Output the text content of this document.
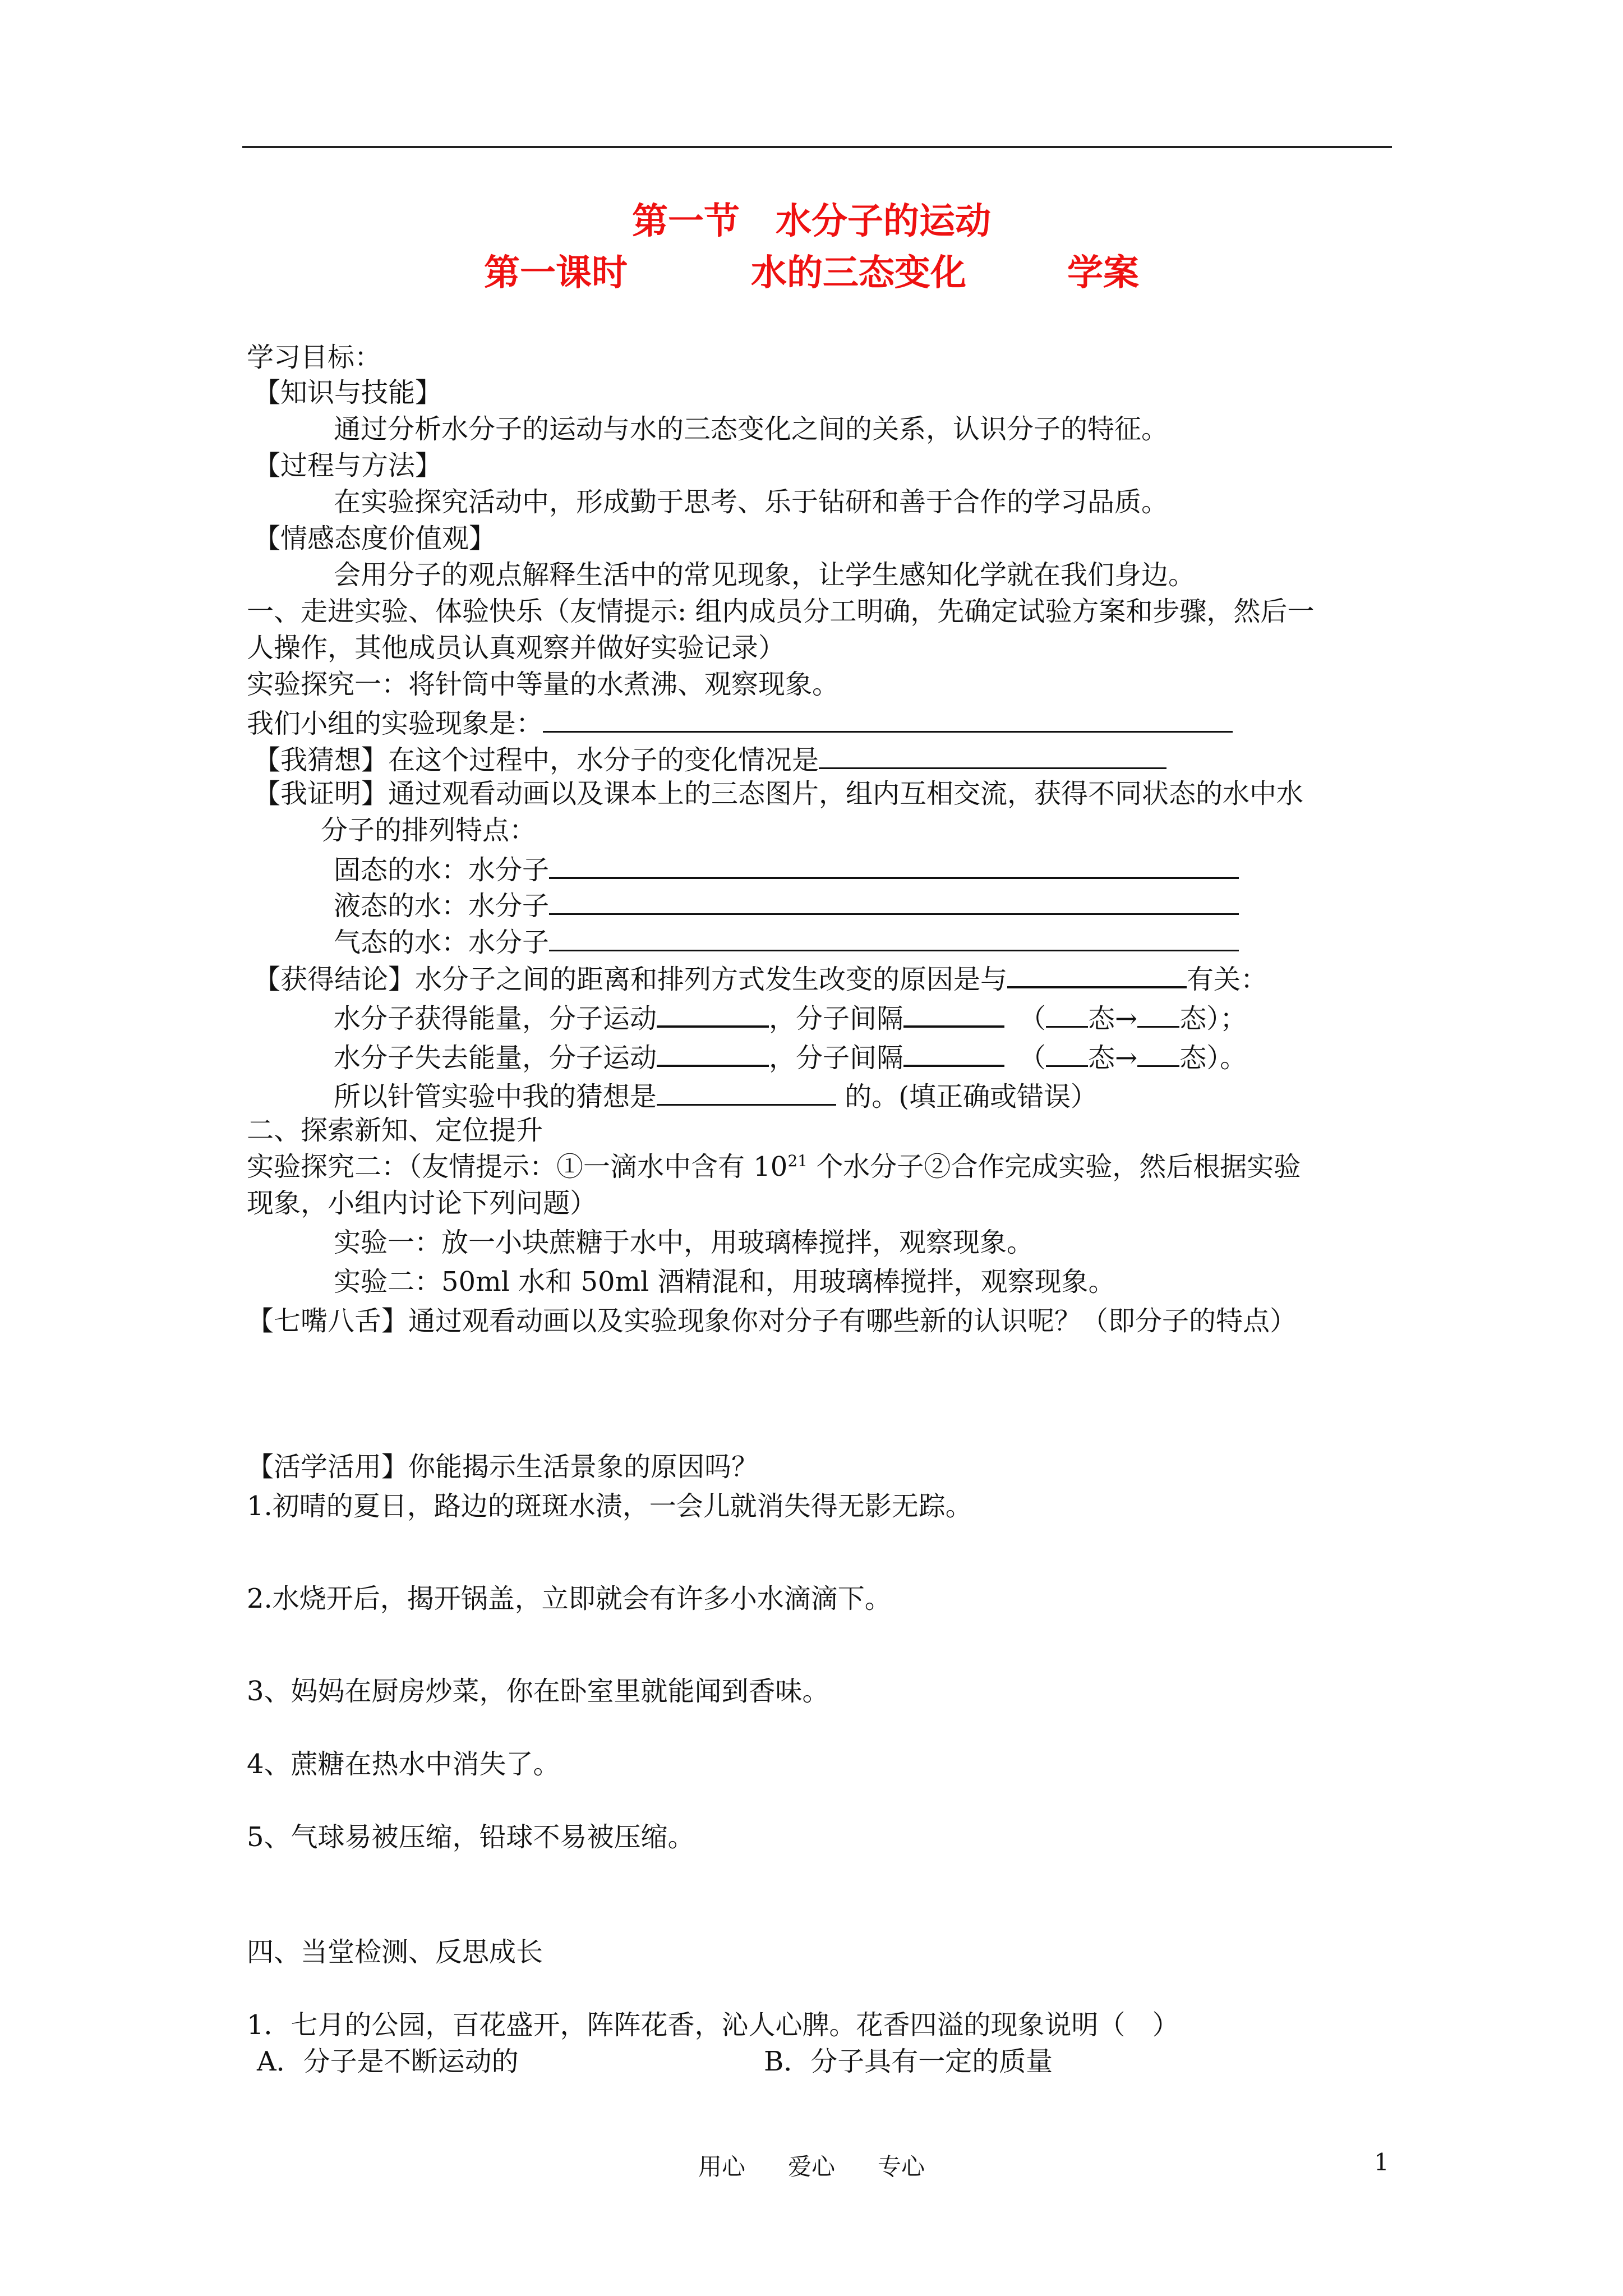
第一节　水分子的运动
第一课时	水的三态变化	学案
学习目标：
【知识与技能】
通过分析水分子的运动与水的三态变化之间的关系，认识分子的特征。
【过程与方法】
在实验探究活动中，形成勤于思考、乐于钻研和善于合作的学习品质。
【情感态度价值观】
会用分子的观点解释生活中的常见现象，让学生感知化学就在我们身边。
一、走进实验、体验快乐（友情提示: 组内成员分工明确，先确定试验方案和步骤，然后一
人操作，其他成员认真观察并做好实验记录）
实验探究一：将针筒中等量的水煮沸、观察现象。
我们小组的实验现象是：
【我猜想】在这个过程中，水分子的变化情况是
【我证明】通过观看动画以及课本上的三态图片，组内互相交流，获得不同状态的水中水
分子的排列特点：
固态的水：水分子
液态的水：水分子
气态的水：水分子
【获得结论】水分子之间的距离和排列方式发生改变的原因是与	有关：
水分子获得能量，分子运动	，分子间隔	（ 态→ 态）；
水分子失去能量，分子运动	，分子间隔	（ 态→ 态）。
所以针管实验中我的猜想是	的。(填正确或错误）
二、探索新知、定位提升
实验探究二：（友情提示：①一滴水中含有 $10^{21}$ 个水分子②合作完成实验，然后根据实验
现象，小组内讨论下列问题）
实验一：放一小块蔗糖于水中，用玻璃棒搅拌，观察现象。
实验二：50ml 水和 50ml 酒精混和，用玻璃棒搅拌，观察现象。
【七嘴八舌】通过观看动画以及实验现象你对分子有哪些新的认识呢？（即分子的特点）
【活学活用】你能揭示生活景象的原因吗？
1.初晴的夏日，路边的斑斑水渍，一会儿就消失得无影无踪。
2.水烧开后，揭开锅盖，立即就会有许多小水滴滴下。
3、妈妈在厨房炒菜，你在卧室里就能闻到香味。
4、蔗糖在热水中消失了。
5、气球易被压缩，铅球不易被压缩。
四、当堂检测、反思成长
1．七月的公园，百花盛开，阵阵花香，沁人心脾。花香四溢的现象说明（　）
A．分子是不断运动的	B．分子具有一定的质量
用心 爱心 专心	1
